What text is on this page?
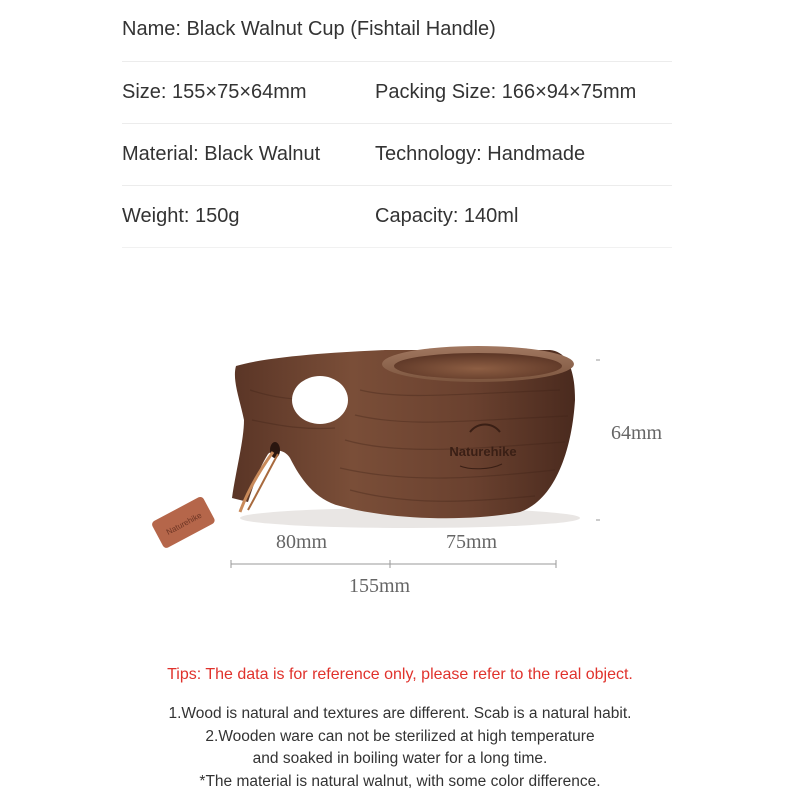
Name: Black Walnut Cup (Fishtail Handle)
Size: 155×75×64mm	Packing Size: 166×94×75mm
Material: Black Walnut	Technology: Handmade
Weight: 150g	Capacity: 140ml
Naturehike
Naturehike
64mm
80mm	75mm
155mm
Tips: The data is for reference only, please refer to the real object.
1.Wood is natural and textures are different. Scab is a natural habit.
2.Wooden ware can not be sterilized at high temperature
and soaked in boiling water for a long time.
*The material is natural walnut, with some color difference.
